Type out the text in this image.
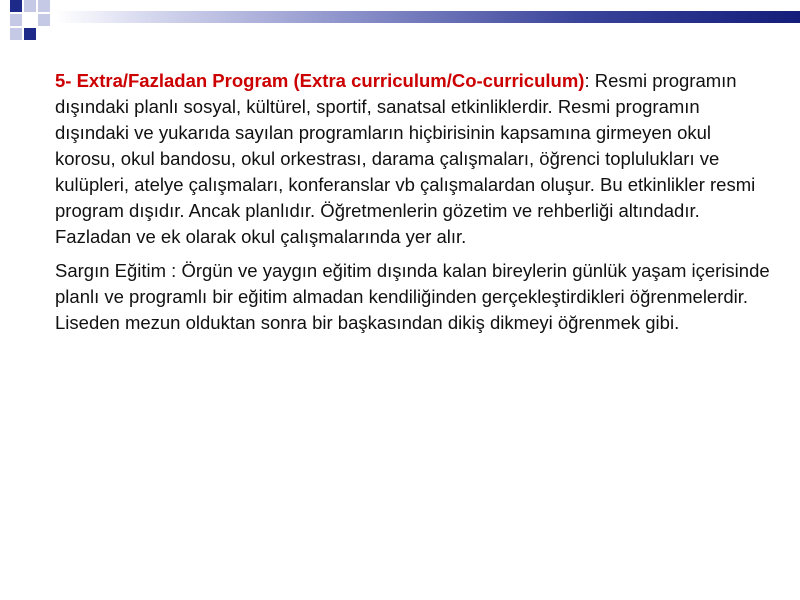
5- Extra/Fazladan Program (Extra curriculum/Co-curriculum): Resmi programın dışındaki planlı sosyal, kültürel, sportif, sanatsal etkinliklerdir. Resmi programın dışındaki ve yukarıda sayılan programların hiçbirisinin kapsamına girmeyen okul korosu, okul bandosu, okul orkestrası, darama çalışmaları, öğrenci toplulukları ve kulüpleri, atelye çalışmaları, konferanslar vb çalışmalardan oluşur. Bu etkinlikler resmi program dışıdır. Ancak planlıdır. Öğretmenlerin gözetim ve rehberliği altındadır. Fazladan ve ek olarak okul çalışmalarında yer alır.

Sargın Eğitim : Örgün ve yaygın eğitim dışında kalan bireylerin günlük yaşam içerisinde planlı ve programlı bir eğitim almadan kendiliğinden gerçekleştirdikleri öğrenmelerdir. Liseden mezun olduktan sonra bir başkasından dikiş dikmeyi öğrenmek gibi.
